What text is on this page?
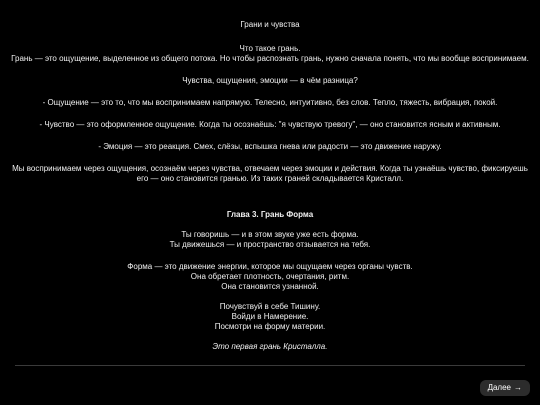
Грани и чувства

Что такое грань.

Грань — это ощущение, выделенное из общего потока. Но чтобы распознать грань, нужно сначала понять, что мы вообще воспринимаем.

Чувства, ощущения, эмоции — в чём разница?

- Ощущение — это то, что мы воспринимаем напрямую. Телесно, интуитивно, без слов. Тепло, тяжесть, вибрация, покой.

- Чувство — это оформленное ощущение. Когда ты осознаёшь: "я чувствую тревогу", — оно становится ясным и активным.

- Эмоция — это реакция. Смех, слёзы, вспышка гнева или радости — это движение наружу.

Мы воспринимаем через ощущения, осознаём через чувства, отвечаем через эмоции и действия. Когда ты узнаёшь чувство, фиксируешь его — оно становится гранью. Из таких граней складывается Кристалл.

Глава 3. Грань Форма

Ты говоришь — и в этом звуке уже есть форма.

Ты движешься — и пространство отзывается на тебя.

Форма — это движение энергии, которое мы ощущаем через органы чувств.

Она обретает плотность, очертания, ритм.

Она становится узнанной.

Почувствуй в себе Тишину.

Войди в Намерение.

Посмотри на форму материи.

Это первая грань Кристалла.

Далее →
